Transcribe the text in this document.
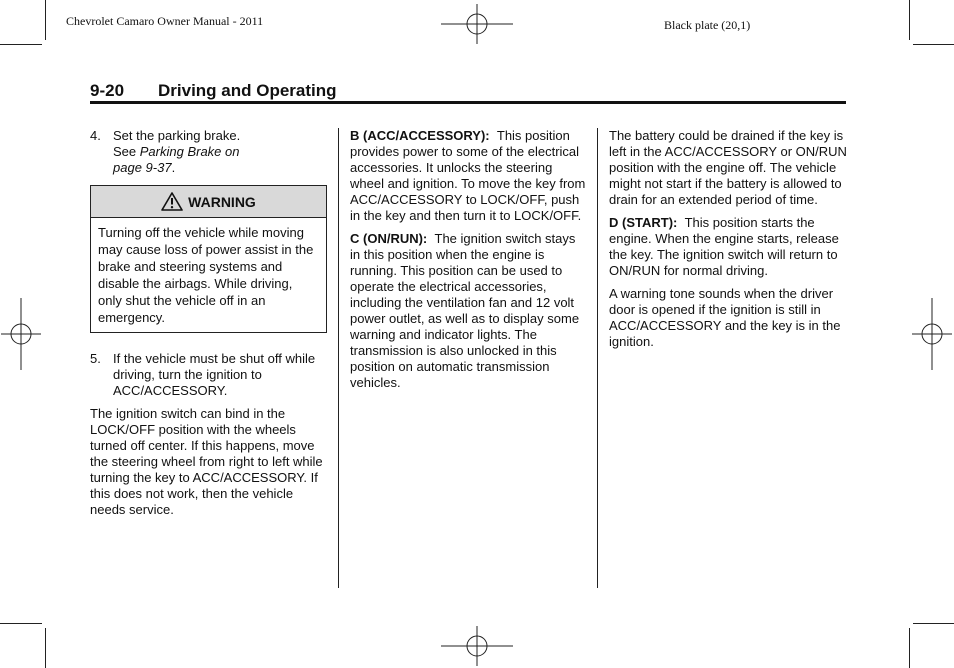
Chevrolet Camaro Owner Manual - 2011	Black plate (20,1)
9-20 Driving and Operating
4. Set the parking brake.
See Parking Brake on page 9-37.
WARNING
Turning off the vehicle while moving may cause loss of power assist in the brake and steering systems and disable the airbags. While driving, only shut the vehicle off in an emergency.
5. If the vehicle must be shut off while driving, turn the ignition to ACC/ACCESSORY.

The ignition switch can bind in the LOCK/OFF position with the wheels turned off center. If this happens, move the steering wheel from right to left while turning the key to ACC/ACCESSORY. If this does not work, then the vehicle needs service.

B (ACC/ACCESSORY): This position provides power to some of the electrical accessories. It unlocks the steering wheel and ignition. To move the key from ACC/ACCESSORY to LOCK/OFF, push in the key and then turn it to LOCK/OFF.

C (ON/RUN): The ignition switch stays in this position when the engine is running. This position can be used to operate the electrical accessories, including the ventilation fan and 12 volt power outlet, as well as to display some warning and indicator lights. The transmission is also unlocked in this position on automatic transmission vehicles.

The battery could be drained if the key is left in the ACC/ACCESSORY or ON/RUN position with the engine off. The vehicle might not start if the battery is allowed to drain for an extended period of time.

D (START): This position starts the engine. When the engine starts, release the key. The ignition switch will return to ON/RUN for normal driving.

A warning tone sounds when the driver door is opened if the ignition is still in ACC/ACCESSORY and the key is in the ignition.
